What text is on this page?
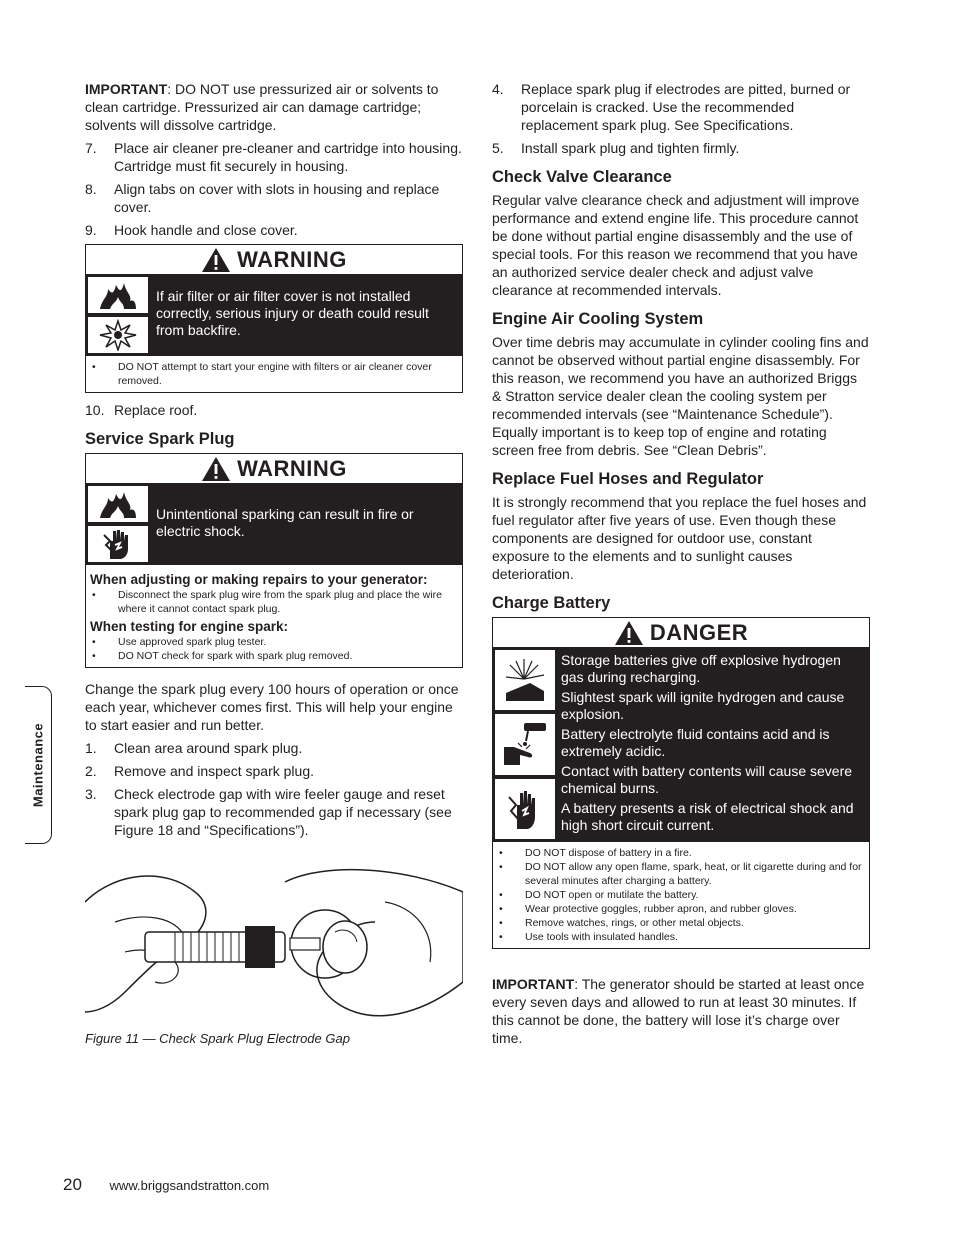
IMPORTANT: DO NOT use pressurized air or solvents to clean cartridge. Pressurized air can damage cartridge; solvents will dissolve cartridge.

7. Place air cleaner pre-cleaner and cartridge into housing. Cartridge must fit securely in housing.
8. Align tabs on cover with slots in housing and replace cover.
9. Hook handle and close cover.
WARNING

If air filter or air filter cover is not installed correctly, serious injury or death could result from backfire.

• DO NOT attempt to start your engine with filters or air cleaner cover removed.
10. Replace roof.
Service Spark Plug
WARNING

Unintentional sparking can result in fire or electric shock.

When adjusting or making repairs to your generator:
• Disconnect the spark plug wire from the spark plug and place the wire where it cannot contact spark plug.
When testing for engine spark:
• Use approved spark plug tester.
• DO NOT check for spark with spark plug removed.

Change the spark plug every 100 hours of operation or once each year, whichever comes first. This will help your engine to start easier and run better.

1. Clean area around spark plug.
2. Remove and inspect spark plug.
3. Check electrode gap with wire feeler gauge and reset spark plug gap to recommended gap if necessary (see Figure 18 and “Specifications”).
Figure 11 — Check Spark Plug Electrode Gap
4. Replace spark plug if electrodes are pitted, burned or porcelain is cracked. Use the recommended replacement spark plug. See Specifications.
5. Install spark plug and tighten firmly.
Check Valve Clearance

Regular valve clearance check and adjustment will improve performance and extend engine life. This procedure cannot be done without partial engine disassembly and the use of special tools. For this reason we recommend that you have an authorized service dealer check and adjust valve clearance at recommended intervals.

Engine Air Cooling System

Over time debris may accumulate in cylinder cooling fins and cannot be observed without partial engine disassembly. For this reason, we recommend you have an authorized Briggs & Stratton service dealer clean the cooling system per recommended intervals (see “Maintenance Schedule”). Equally important is to keep top of engine and rotating screen free from debris. See “Clean Debris”.

Replace Fuel Hoses and Regulator

It is strongly recommend that you replace the fuel hoses and fuel regulator after five years of use. Even though these components are designed for outdoor use, constant exposure to the elements and to sunlight causes deterioration.

Charge Battery
DANGER

Storage batteries give off explosive hydrogen gas during recharging.

Slightest spark will ignite hydrogen and cause explosion.

Battery electrolyte fluid contains acid and is extremely acidic.

Contact with battery contents will cause severe chemical burns.

A battery presents a risk of electrical shock and high short circuit current.

• DO NOT dispose of battery in a fire.
• DO NOT allow any open flame, spark, heat, or lit cigarette during and for several minutes after charging a battery.
• DO NOT open or mutilate the battery.
• Wear protective goggles, rubber apron, and rubber gloves.
• Remove watches, rings, or other metal objects.
• Use tools with insulated handles.

IMPORTANT: The generator should be started at least once every seven days and allowed to run at least 30 minutes. If this cannot be done, the battery will lose it’s charge over time.

Maintenance
20 www.briggsandstratton.com
